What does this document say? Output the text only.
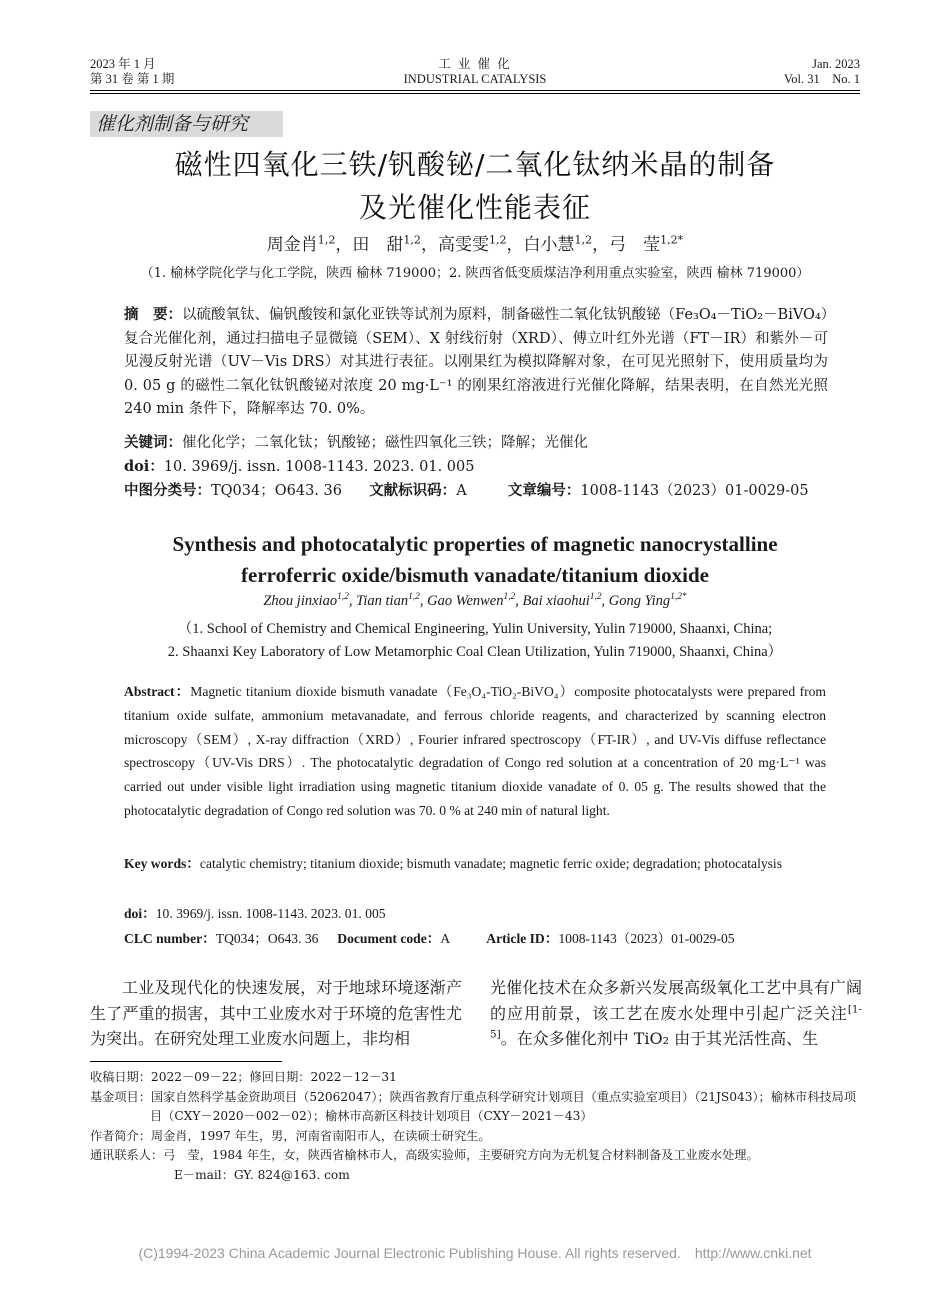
2023 年 1 月
第 31 卷 第 1 期
工 业 催 化
INDUSTRIAL CATALYSIS
Jan. 2023
Vol. 31　No. 1
催化剂制备与研究
磁性四氧化三铁/钒酸铋/二氧化钛纳米晶的制备
及光催化性能表征
周金肖$^{1,2}$，田　甜$^{1,2}$，高雯雯$^{1,2}$，白小慧$^{1,2}$，弓　莹$^{1,2*}$
（1. 榆林学院化学与化工学院，陕西 榆林 719000；2. 陕西省低变质煤洁净利用重点实验室，陕西 榆林 719000）
摘　要：以硫酸氧钛、偏钒酸铵和氯化亚铁等试剂为原料，制备磁性二氧化钛钒酸铋（Fe₃O₄－TiO₂－BiVO₄）复合光催化剂，通过扫描电子显微镜（SEM）、X 射线衍射（XRD）、傅立叶红外光谱（FT－IR）和紫外－可见漫反射光谱（UV－Vis DRS）对其进行表征。以刚果红为模拟降解对象，在可见光照射下，使用质量均为 0. 05 g 的磁性二氧化钛钒酸铋对浓度 20 mg·L⁻¹ 的刚果红溶液进行光催化降解，结果表明，在自然光光照 240 min 条件下，降解率达 70. 0%。
关键词：催化化学；二氧化钛；钒酸铋；磁性四氧化三铁；降解；光催化
doi：10. 3969/j. issn. 1008-1143. 2023. 01. 005
中图分类号：TQ034；O643. 36 文献标识码：A	文章编号：1008-1143（2023）01-0029-05
Synthesis and photocatalytic properties of magnetic nanocrystalline
ferroferric oxide/bismuth vanadate/titanium dioxide
Zhou jinxiao$^{1,2}$, Tian tian$^{1,2}$, Gao Wenwen$^{1,2}$, Bai xiaohui$^{1,2}$, Gong Ying$^{1,2*}$
（1. School of Chemistry and Chemical Engineering, Yulin University, Yulin 719000, Shaanxi, China;
2. Shaanxi Key Laboratory of Low Metamorphic Coal Clean Utilization, Yulin 719000, Shaanxi, China）
Abstract：Magnetic titanium dioxide bismuth vanadate（Fe₃O₄-TiO₂-BiVO₄）composite photocatalysts were prepared from titanium oxide sulfate, ammonium metavanadate, and ferrous chloride reagents, and characterized by scanning electron microscopy（SEM）, X-ray diffraction（XRD）, Fourier infrared spectroscopy（FT-IR）, and UV-Vis diffuse reflectance spectroscopy（UV-Vis DRS）. The photocatalytic degradation of Congo red solution at a concentration of 20 mg·L⁻¹ was carried out under visible light irradiation using magnetic titanium dioxide vanadate of 0. 05 g. The results showed that the photocatalytic degradation of Congo red solution was 70. 0 % at 240 min of natural light.
Key words：catalytic chemistry; titanium dioxide; bismuth vanadate; magnetic ferric oxide; degradation; photocatalysis
doi：10. 3969/j. issn. 1008-1143. 2023. 01. 005
CLC number：TQ034；O643. 36 Document code：A	Article ID：1008-1143（2023）01-0029-05
工业及现代化的快速发展，对于地球环境逐渐产生了严重的损害，其中工业废水对于环境的危害性尤为突出。在研究处理工业废水问题上，非均相
光催化技术在众多新兴发展高级氧化工艺中具有广阔的应用前景，该工艺在废水处理中引起广泛关注[1-5]。在众多催化剂中 TiO₂ 由于其光活性高、生
收稿日期：2022－09－22；修回日期：2022－12－31
基金项目：国家自然科学基金资助项目（52062047）；陕西省教育厅重点科学研究计划项目（重点实验室项目）（21JS043）；榆林市科技局项目（CXY－2020－002－02）；榆林市高新区科技计划项目（CXY－2021－43）
作者简介：周金肖，1997 年生，男，河南省南阳市人，在读硕士研究生。
通讯联系人：弓　莹，1984 年生，女，陕西省榆林市人，高级实验师，主要研究方向为无机复合材料制备及工业废水处理。
E－mail：GY. 824@163. com
(C)1994-2023 China Academic Journal Electronic Publishing House. All rights reserved.　http://www.cnki.net
